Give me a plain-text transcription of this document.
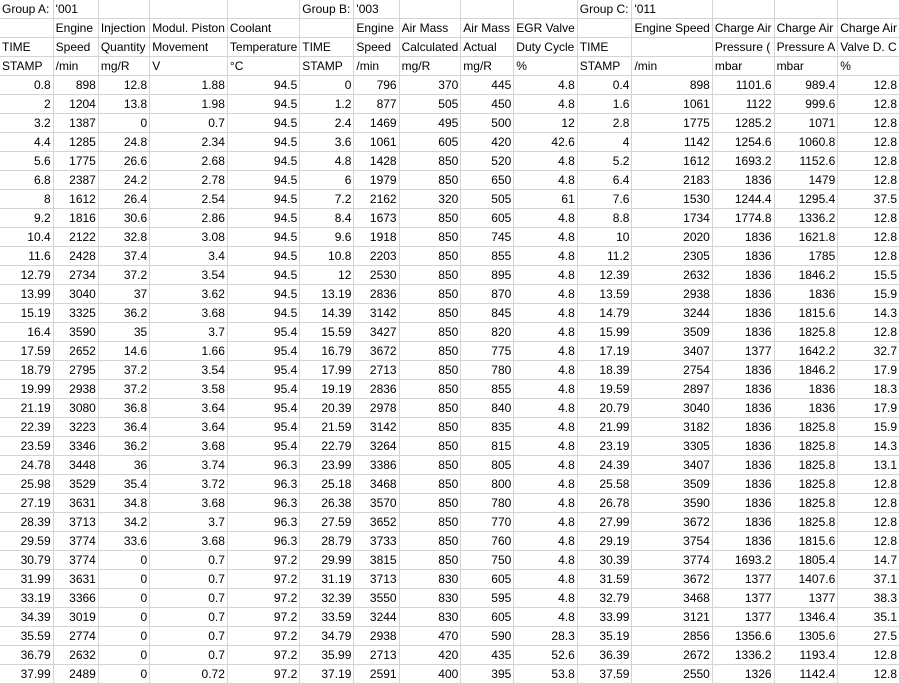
Group A:	'001				Group B:	'003				Group C:	'011			
	Engine	Injection	Modul. Piston	Coolant		Engine	Air Mass	Air Mass	EGR Valve		Engine Speed	Charge Air	Charge Air	Charge Air
TIME	Speed	Quantity	Movement	Temperature	TIME	Speed	Calculated	Actual	Duty Cycle	TIME		Pressure (	Pressure A	Valve D. C
STAMP	/min	mg/R	V	°C	STAMP	/min	mg/R	mg/R	%	STAMP	/min	mbar	mbar	%
0.8	898	12.8	1.88	94.5	0	796	370	445	4.8	0.4	898	1101.6	989.4	12.8
2	1204	13.8	1.98	94.5	1.2	877	505	450	4.8	1.6	1061	1122	999.6	12.8
3.2	1387	0	0.7	94.5	2.4	1469	495	500	12	2.8	1775	1285.2	1071	12.8
4.4	1285	24.8	2.34	94.5	3.6	1061	605	420	42.6	4	1142	1254.6	1060.8	12.8
5.6	1775	26.6	2.68	94.5	4.8	1428	850	520	4.8	5.2	1612	1693.2	1152.6	12.8
6.8	2387	24.2	2.78	94.5	6	1979	850	650	4.8	6.4	2183	1836	1479	12.8
8	1612	26.4	2.54	94.5	7.2	2162	320	505	61	7.6	1530	1244.4	1295.4	37.5
9.2	1816	30.6	2.86	94.5	8.4	1673	850	605	4.8	8.8	1734	1774.8	1336.2	12.8
10.4	2122	32.8	3.08	94.5	9.6	1918	850	745	4.8	10	2020	1836	1621.8	12.8
11.6	2428	37.4	3.4	94.5	10.8	2203	850	855	4.8	11.2	2305	1836	1785	12.8
12.79	2734	37.2	3.54	94.5	12	2530	850	895	4.8	12.39	2632	1836	1846.2	15.5
13.99	3040	37	3.62	94.5	13.19	2836	850	870	4.8	13.59	2938	1836	1836	15.9
15.19	3325	36.2	3.68	94.5	14.39	3142	850	845	4.8	14.79	3244	1836	1815.6	14.3
16.4	3590	35	3.7	95.4	15.59	3427	850	820	4.8	15.99	3509	1836	1825.8	12.8
17.59	2652	14.6	1.66	95.4	16.79	3672	850	775	4.8	17.19	3407	1377	1642.2	32.7
18.79	2795	37.2	3.54	95.4	17.99	2713	850	780	4.8	18.39	2754	1836	1846.2	17.9
19.99	2938	37.2	3.58	95.4	19.19	2836	850	855	4.8	19.59	2897	1836	1836	18.3
21.19	3080	36.8	3.64	95.4	20.39	2978	850	840	4.8	20.79	3040	1836	1836	17.9
22.39	3223	36.4	3.64	95.4	21.59	3142	850	835	4.8	21.99	3182	1836	1825.8	15.9
23.59	3346	36.2	3.68	95.4	22.79	3264	850	815	4.8	23.19	3305	1836	1825.8	14.3
24.78	3448	36	3.74	96.3	23.99	3386	850	805	4.8	24.39	3407	1836	1825.8	13.1
25.98	3529	35.4	3.72	96.3	25.18	3468	850	800	4.8	25.58	3509	1836	1825.8	12.8
27.19	3631	34.8	3.68	96.3	26.38	3570	850	780	4.8	26.78	3590	1836	1825.8	12.8
28.39	3713	34.2	3.7	96.3	27.59	3652	850	770	4.8	27.99	3672	1836	1825.8	12.8
29.59	3774	33.6	3.68	96.3	28.79	3733	850	760	4.8	29.19	3754	1836	1815.6	12.8
30.79	3774	0	0.7	97.2	29.99	3815	850	750	4.8	30.39	3774	1693.2	1805.4	14.7
31.99	3631	0	0.7	97.2	31.19	3713	830	605	4.8	31.59	3672	1377	1407.6	37.1
33.19	3366	0	0.7	97.2	32.39	3550	830	595	4.8	32.79	3468	1377	1377	38.3
34.39	3019	0	0.7	97.2	33.59	3244	830	605	4.8	33.99	3121	1377	1346.4	35.1
35.59	2774	0	0.7	97.2	34.79	2938	470	590	28.3	35.19	2856	1356.6	1305.6	27.5
36.79	2632	0	0.7	97.2	35.99	2713	420	435	52.6	36.39	2672	1336.2	1193.4	12.8
37.99	2489	0	0.72	97.2	37.19	2591	400	395	53.8	37.59	2550	1326	1142.4	12.8
